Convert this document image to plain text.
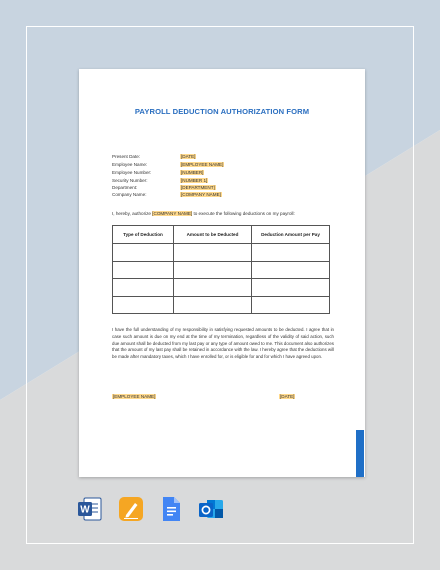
PAYROLL DEDUCTION AUTHORIZATION FORM
Present Date:	[DATE]
Employee Name:	[EMPLOYEE NAME]
Employee Number:	[NUMBER]
Security Number:	[NUMBER 1]
Department:	[DEPARTMENT]
Company Name:	[COMPANY NAME]
I, hereby, authorize [COMPANY NAME] to execute the following deductions on my payroll:
Type of Deduction	Amount to be Deducted	Deduction Amount per Pay

I have the full understanding of my responsibility in satisfying requested amounts to be deducted. I agree that in case such amount is due on my end at the time of my termination, regardless of the validity of said action, such due amount shall be deducted from my last pay or any type of amount owed to me. This document also authorizes that the amount of my last pay shall be retained in accordance with the law. I hereby agree that the deductions will be made after mandatory taxes, which I have enrolled for, or is eligible for and for which I have agreed upon.
[EMPLOYEE NAME]	[DATE]
W
